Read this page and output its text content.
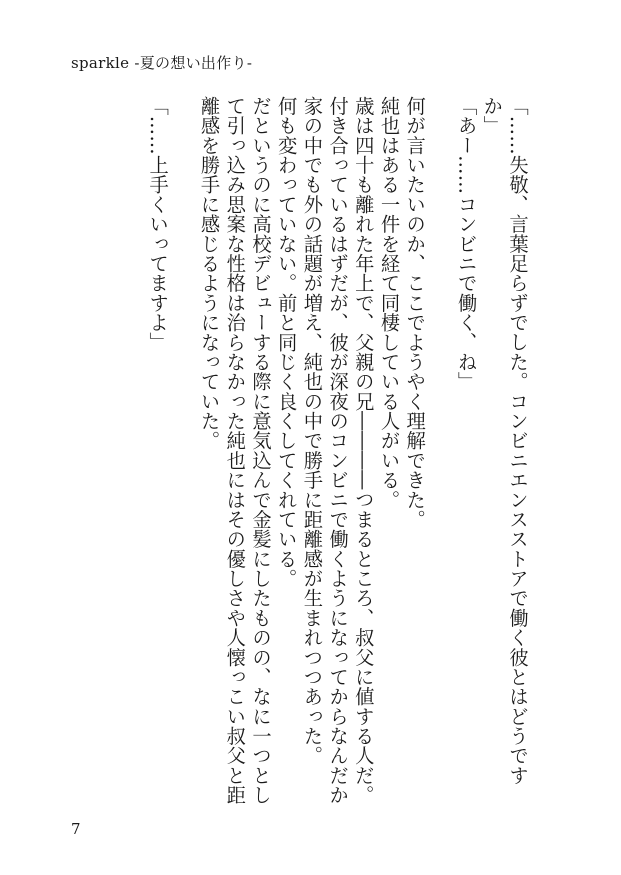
sparkle -夏の想い出作り-

「……失敬、言葉足らずでした。コンビニエンスストアで働く彼とはどうですか」

「あー……コンビニで働く、ね」

何が言いたいのか、ここでようやく理解できた。

純也はある一件を経て同棲している人がいる。

歳は四十も離れた年上で、父親の兄――――つまるところ、叔父に値する人だ。

付き合っているはずだが、彼が深夜のコンビニで働くようになってからなんだか家の中でも外の話題が増え、純也の中で勝手に距離感が生まれつつあった。

何も変わっていない。前と同じく良くしてくれている。

だというのに高校デビューする際に意気込んで金髪にしたものの、なに一つとして引っ込み思案な性格は治らなかった純也にはその優しさや人懐っこい叔父と距離感を勝手に感じるようになっていた。

「……上手くいってますよ」

7
